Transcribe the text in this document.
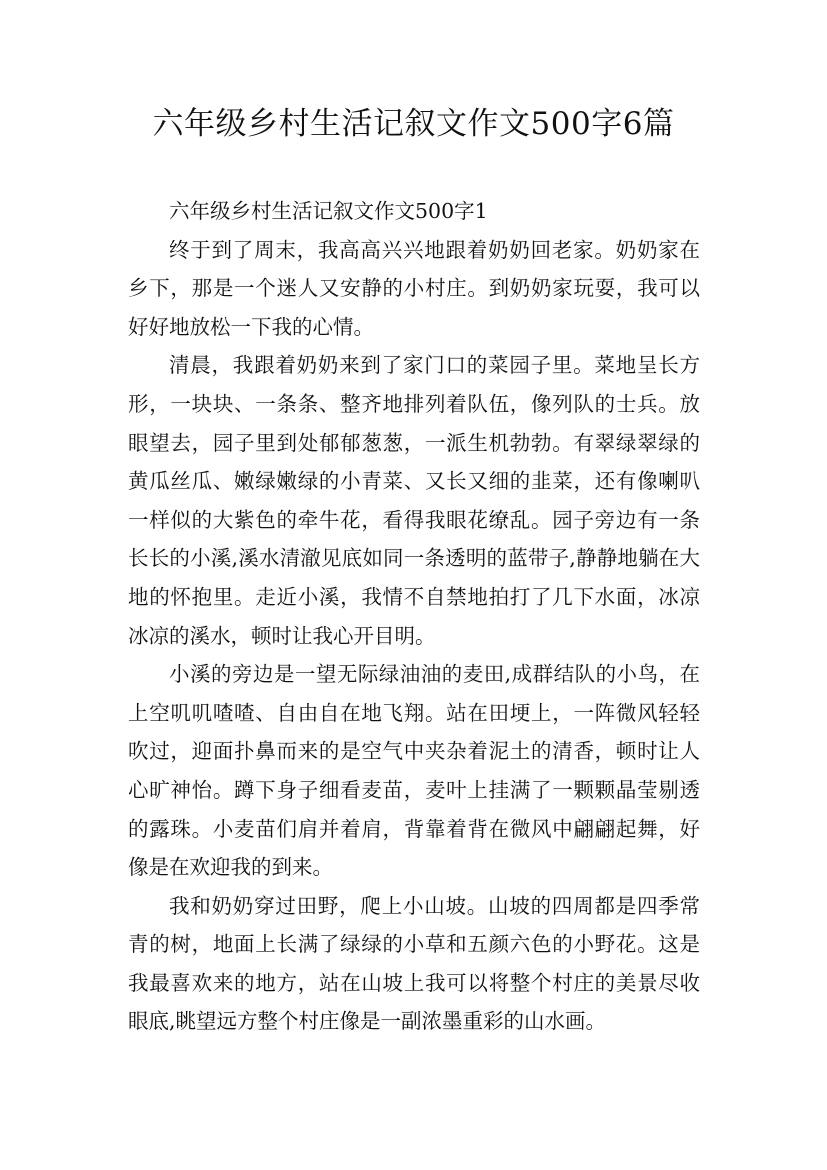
六年级乡村生活记叙文作文500字6篇

六年级乡村生活记叙文作文500字1

终于到了周末，我高高兴兴地跟着奶奶回老家。奶奶家在乡下，那是一个迷人又安静的小村庄。到奶奶家玩耍，我可以好好地放松一下我的心情。

清晨，我跟着奶奶来到了家门口的菜园子里。菜地呈长方形，一块块、一条条、整齐地排列着队伍，像列队的士兵。放眼望去，园子里到处郁郁葱葱，一派生机勃勃。有翠绿翠绿的黄瓜丝瓜、嫩绿嫩绿的小青菜、又长又细的韭菜，还有像喇叭一样似的大紫色的牵牛花，看得我眼花缭乱。园子旁边有一条长长的小溪,溪水清澈见底如同一条透明的蓝带子,静静地躺在大地的怀抱里。走近小溪，我情不自禁地拍打了几下水面，冰凉冰凉的溪水，顿时让我心开目明。

小溪的旁边是一望无际绿油油的麦田,成群结队的小鸟，在上空叽叽喳喳、自由自在地飞翔。站在田埂上，一阵微风轻轻吹过，迎面扑鼻而来的是空气中夹杂着泥土的清香，顿时让人心旷神怡。蹲下身子细看麦苗，麦叶上挂满了一颗颗晶莹剔透的露珠。小麦苗们肩并着肩，背靠着背在微风中翩翩起舞，好像是在欢迎我的到来。

我和奶奶穿过田野，爬上小山坡。山坡的四周都是四季常青的树，地面上长满了绿绿的小草和五颜六色的小野花。这是我最喜欢来的地方，站在山坡上我可以将整个村庄的美景尽收眼底,眺望远方整个村庄像是一副浓墨重彩的山水画。
